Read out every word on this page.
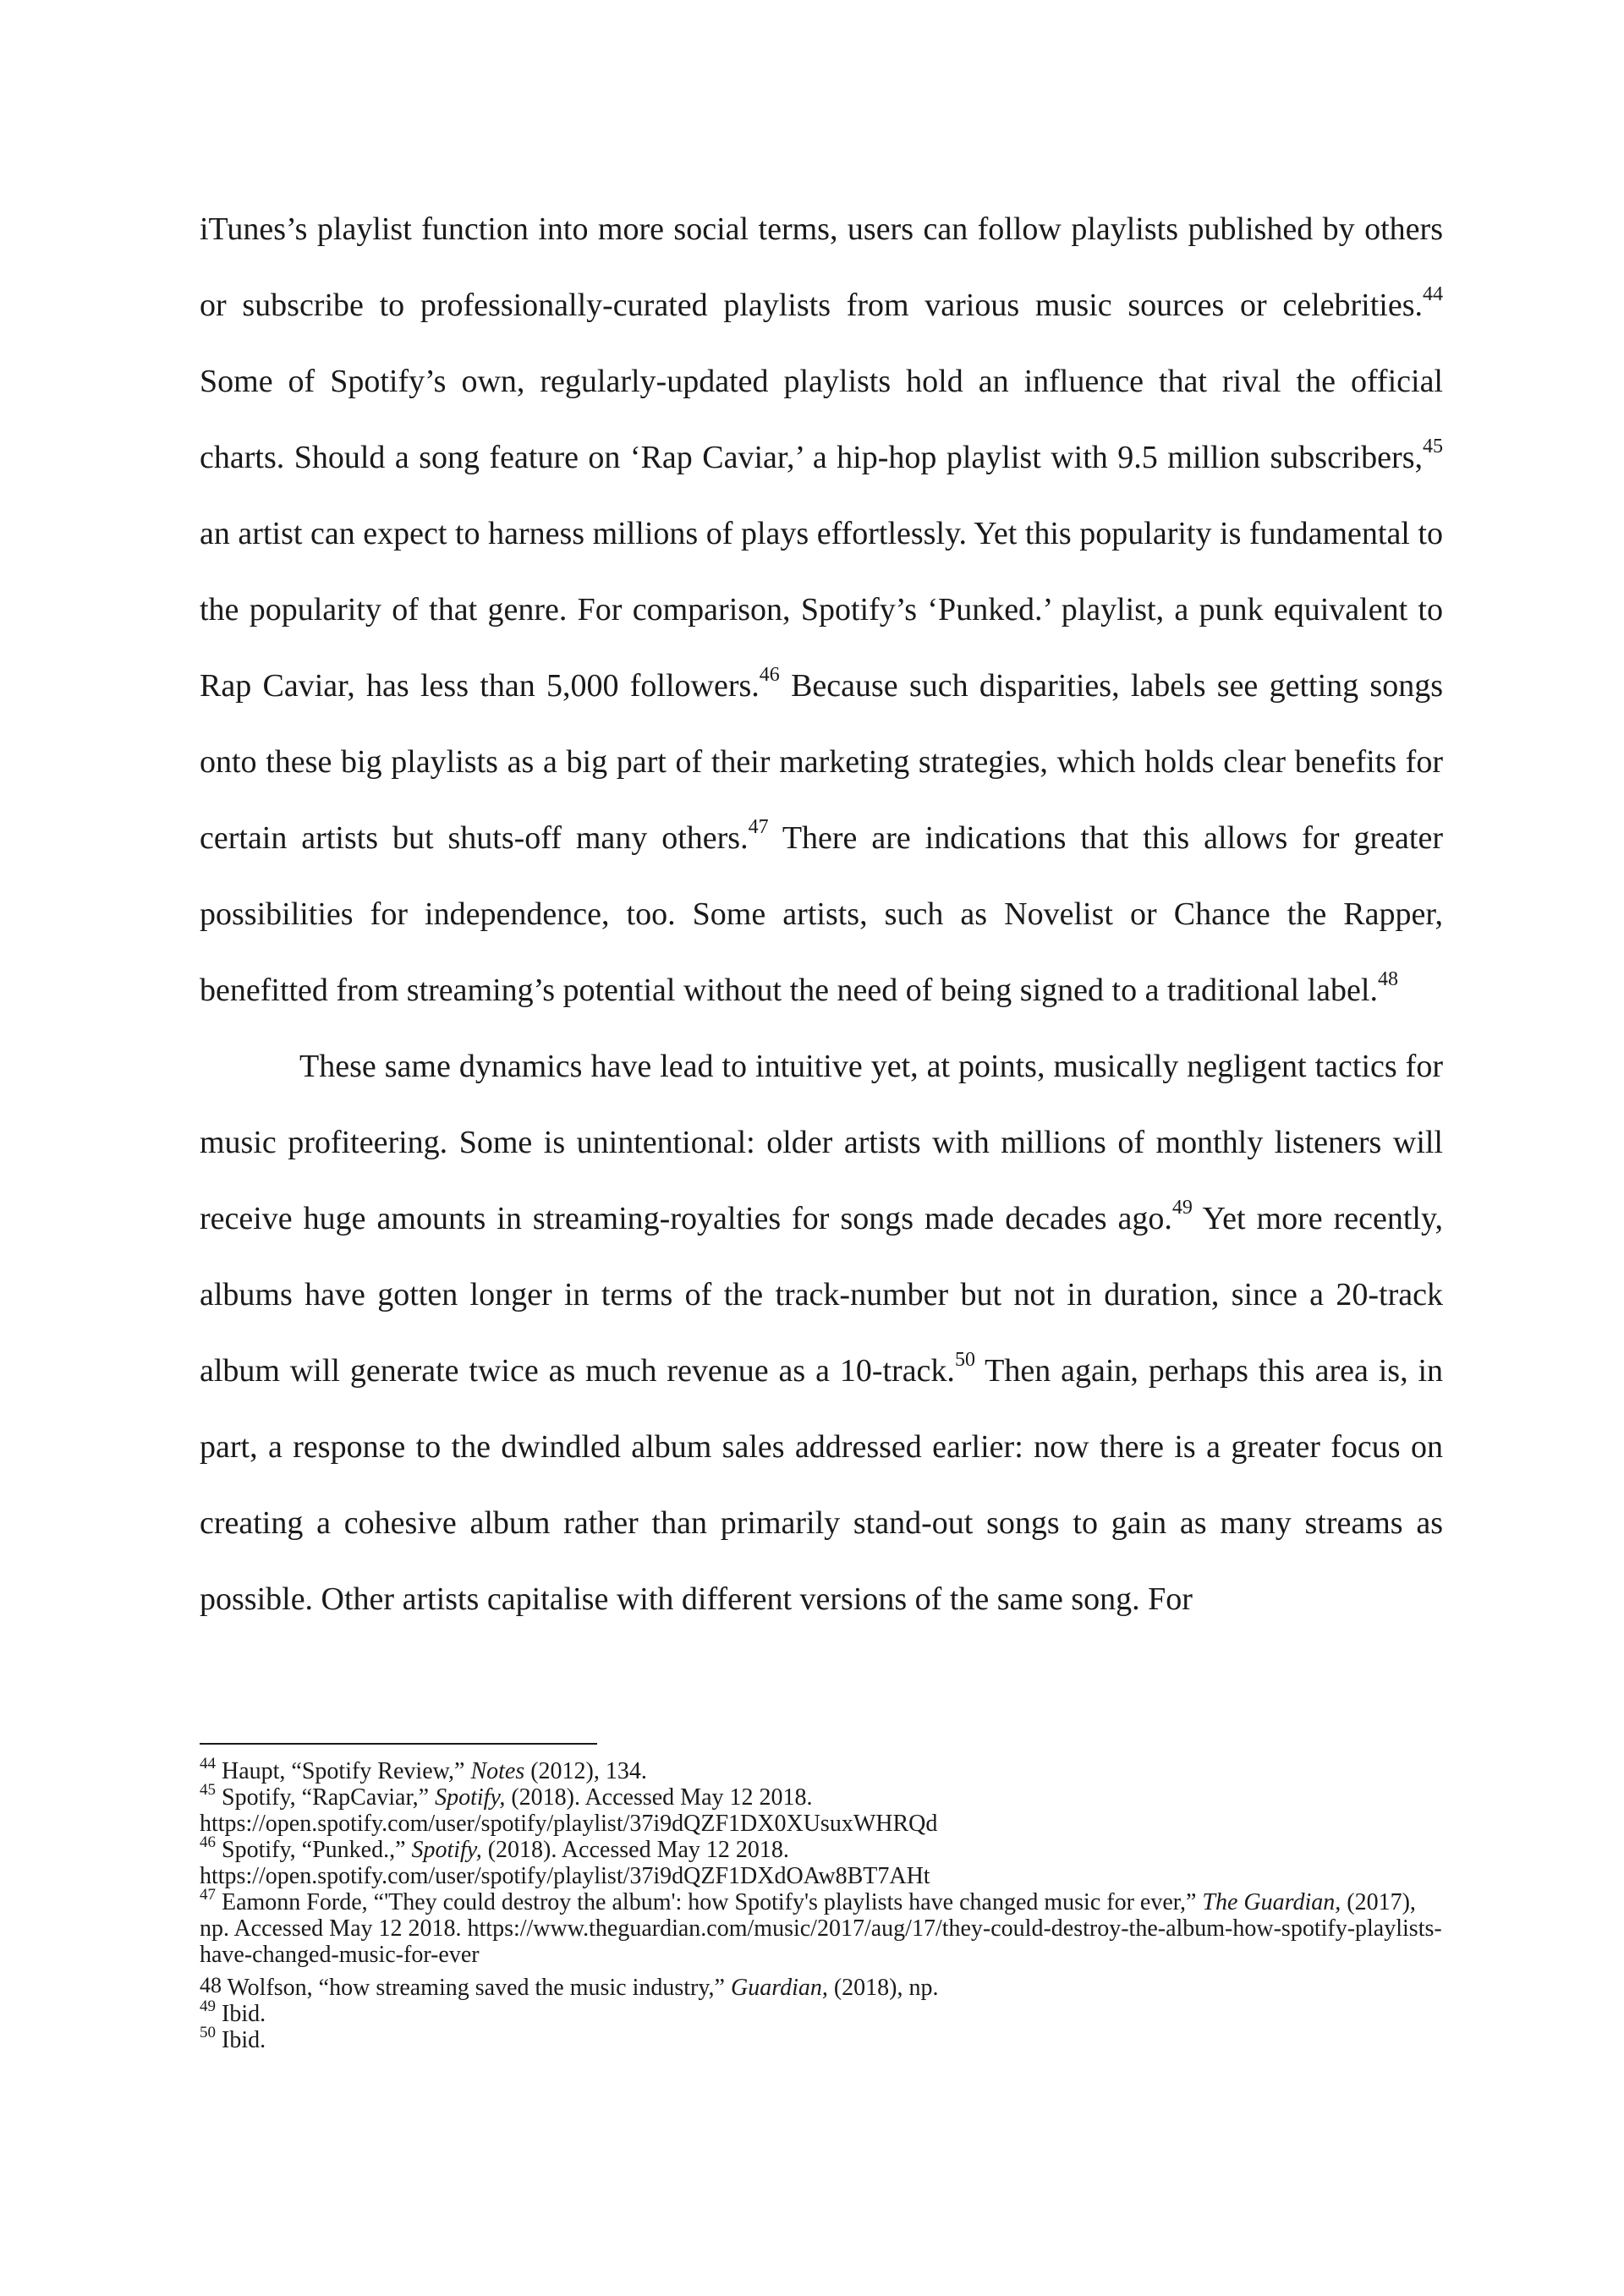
iTunes’s playlist function into more social terms, users can follow playlists published by others or subscribe to professionally-curated playlists from various music sources or celebrities.$^{44}$ Some of Spotify’s own, regularly-updated playlists hold an influence that rival the official charts. Should a song feature on ‘Rap Caviar,’ a hip-hop playlist with 9.5 million subscribers,$^{45}$ an artist can expect to harness millions of plays effortlessly. Yet this popularity is fundamental to the popularity of that genre. For comparison, Spotify’s ‘Punked.’ playlist, a punk equivalent to Rap Caviar, has less than 5,000 followers.$^{46}$ Because such disparities, labels see getting songs onto these big playlists as a big part of their marketing strategies, which holds clear benefits for certain artists but shuts-off many others.$^{47}$ There are indications that this allows for greater possibilities for independence, too. Some artists, such as Novelist or Chance the Rapper, benefitted from streaming’s potential without the need of being signed to a traditional label.$^{48}$

These same dynamics have lead to intuitive yet, at points, musically negligent tactics for music profiteering. Some is unintentional: older artists with millions of monthly listeners will receive huge amounts in streaming-royalties for songs made decades ago.$^{49}$ Yet more recently, albums have gotten longer in terms of the track-number but not in duration, since a 20-track album will generate twice as much revenue as a 10-track.$^{50}$ Then again, perhaps this area is, in part, a response to the dwindled album sales addressed earlier: now there is a greater focus on creating a cohesive album rather than primarily stand-out songs to gain as many streams as possible. Other artists capitalise with different versions of the same song. For

$^{44}$ Haupt, “Spotify Review,” Notes (2012), 134.

$^{45}$ Spotify, “RapCaviar,” Spotify, (2018). Accessed May 12 2018.
https://open.spotify.com/user/spotify/playlist/37i9dQZF1DX0XUsuxWHRQd

$^{46}$ Spotify, “Punked.,” Spotify, (2018). Accessed May 12 2018.
https://open.spotify.com/user/spotify/playlist/37i9dQZF1DXdOAw8BT7AHt

$^{47}$ Eamonn Forde, “'They could destroy the album': how Spotify's playlists have changed music for ever,” The Guardian, (2017), np. Accessed May 12 2018. https://www.theguardian.com/music/2017/aug/17/they-could-destroy-the-album-how-spotify-playlists-have-changed-music-for-ever

48 Wolfson, “how streaming saved the music industry,” Guardian, (2018), np.

$^{49}$ Ibid.

$^{50}$ Ibid.
